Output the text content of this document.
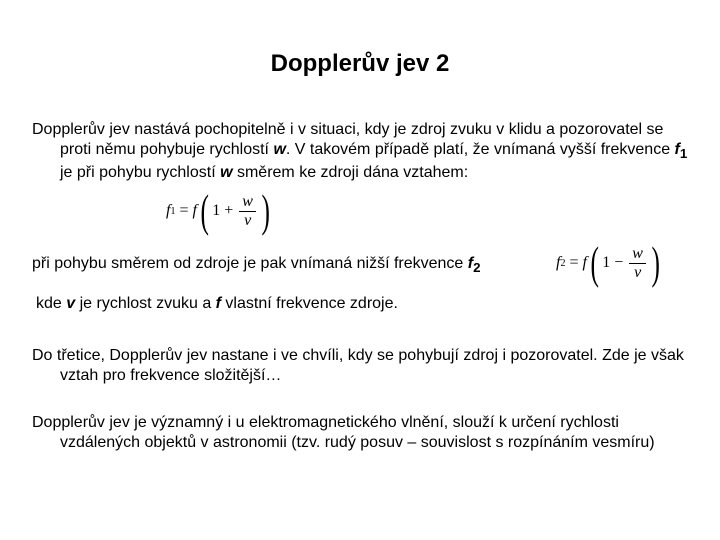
Dopplerův jev 2
Dopplerův jev nastává pochopitelně i v situaci, kdy je zdroj zvuku v klidu a pozorovatel se proti němu pohybuje rychlostí w. V takovém případě platí, že vnímaná vyšší frekvence $f_1$ je při pohybu rychlostí w směrem ke zdroji dána vztahem:
f 1 = f ( $1 + \frac{w}{v}$ )
při pohybu směrem od zdroje je pak vnímaná nižší frekvence $f_2$	f 2 = f ( $1 - \frac{w}{v}$ )
kde v je rychlost zvuku a f vlastní frekvence zdroje.
Do třetice, Dopplerův jev nastane i ve chvíli, kdy se pohybují zdroj i pozorovatel. Zde je však vztah pro frekvence složitější…
Dopplerův jev je významný i u elektromagnetického vlnění, slouží k určení rychlosti vzdálených objektů v astronomii (tzv. rudý posuv – souvislost s rozpínáním vesmíru)
